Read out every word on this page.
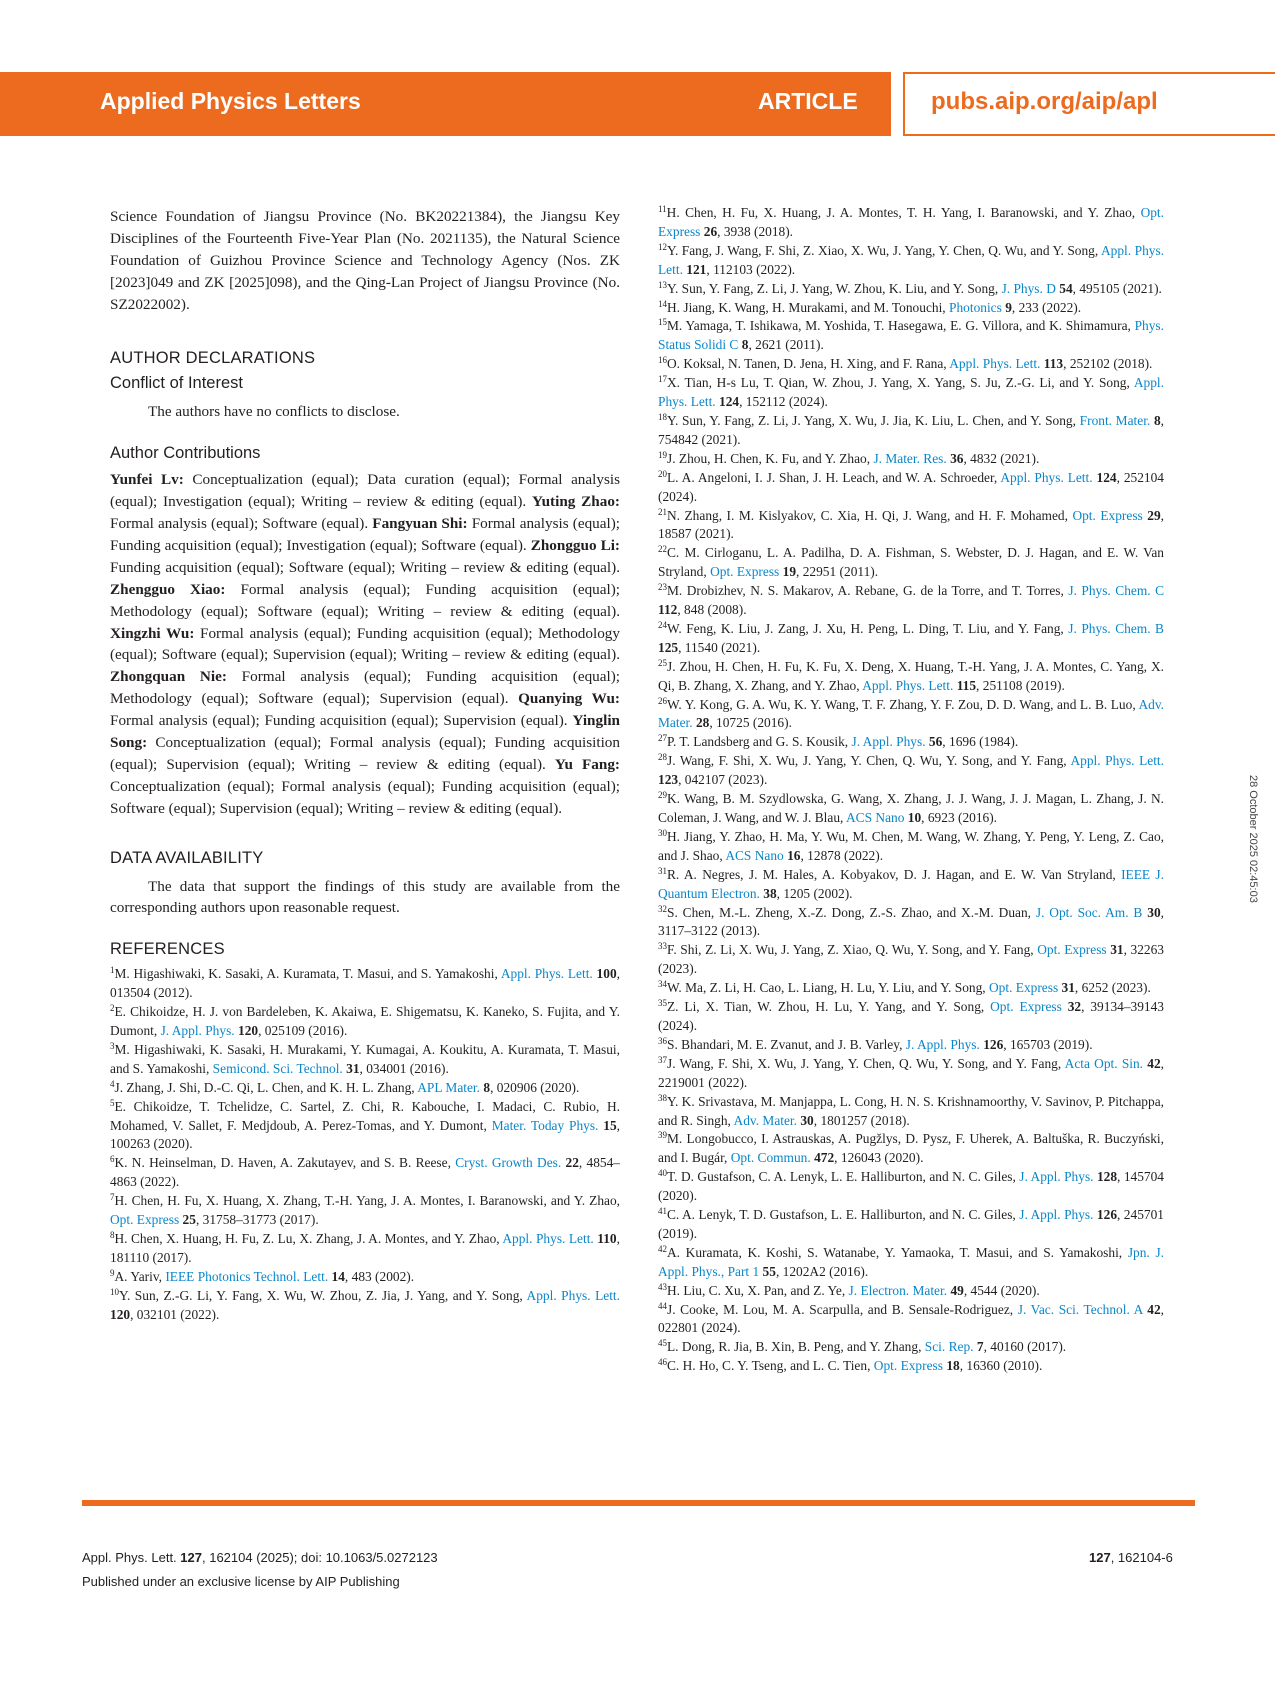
Applied Physics Letters	ARTICLE	pubs.aip.org/aip/apl

Science Foundation of Jiangsu Province (No. BK20221384), the Jiangsu Key Disciplines of the Fourteenth Five-Year Plan (No. 2021135), the Natural Science Foundation of Guizhou Province Science and Technology Agency (Nos. ZK [2023]049 and ZK [2025]098), and the Qing-Lan Project of Jiangsu Province (No. SZ2022002).

AUTHOR DECLARATIONS
Conflict of Interest

The authors have no conflicts to disclose.

Author Contributions

Yunfei Lv: Conceptualization (equal); Data curation (equal); Formal analysis (equal); Investigation (equal); Writing – review & editing (equal). Yuting Zhao: Formal analysis (equal); Software (equal). Fangyuan Shi: Formal analysis (equal); Funding acquisition (equal); Investigation (equal); Software (equal). Zhongguo Li: Funding acquisition (equal); Software (equal); Writing – review & editing (equal). Zhengguo Xiao: Formal analysis (equal); Funding acquisition (equal); Methodology (equal); Software (equal); Writing – review & editing (equal). Xingzhi Wu: Formal analysis (equal); Funding acquisition (equal); Methodology (equal); Software (equal); Supervision (equal); Writing – review & editing (equal). Zhongquan Nie: Formal analysis (equal); Funding acquisition (equal); Methodology (equal); Software (equal); Supervision (equal). Quanying Wu: Formal analysis (equal); Funding acquisition (equal); Supervision (equal). Yinglin Song: Conceptualization (equal); Formal analysis (equal); Funding acquisition (equal); Supervision (equal); Writing – review & editing (equal). Yu Fang: Conceptualization (equal); Formal analysis (equal); Funding acquisition (equal); Software (equal); Supervision (equal); Writing – review & editing (equal).

DATA AVAILABILITY

The data that support the findings of this study are available from the corresponding authors upon reasonable request.

REFERENCES

$^1$M. Higashiwaki, K. Sasaki, A. Kuramata, T. Masui, and S. Yamakoshi, Appl. Phys. Lett. 100, 013504 (2012).

$^2$E. Chikoidze, H. J. von Bardeleben, K. Akaiwa, E. Shigematsu, K. Kaneko, S. Fujita, and Y. Dumont, J. Appl. Phys. 120, 025109 (2016).

$^3$M. Higashiwaki, K. Sasaki, H. Murakami, Y. Kumagai, A. Koukitu, A. Kuramata, T. Masui, and S. Yamakoshi, Semicond. Sci. Technol. 31, 034001 (2016).

$^4$J. Zhang, J. Shi, D.-C. Qi, L. Chen, and K. H. L. Zhang, APL Mater. 8, 020906 (2020).

$^5$E. Chikoidze, T. Tchelidze, C. Sartel, Z. Chi, R. Kabouche, I. Madaci, C. Rubio, H. Mohamed, V. Sallet, F. Medjdoub, A. Perez-Tomas, and Y. Dumont, Mater. Today Phys. 15, 100263 (2020).

$^6$K. N. Heinselman, D. Haven, A. Zakutayev, and S. B. Reese, Cryst. Growth Des. 22, 4854–4863 (2022).

$^7$H. Chen, H. Fu, X. Huang, X. Zhang, T.-H. Yang, J. A. Montes, I. Baranowski, and Y. Zhao, Opt. Express 25, 31758–31773 (2017).

$^8$H. Chen, X. Huang, H. Fu, Z. Lu, X. Zhang, J. A. Montes, and Y. Zhao, Appl. Phys. Lett. 110, 181110 (2017).

$^9$A. Yariv, IEEE Photonics Technol. Lett. 14, 483 (2002).

$^{10}$Y. Sun, Z.-G. Li, Y. Fang, X. Wu, W. Zhou, Z. Jia, J. Yang, and Y. Song, Appl. Phys. Lett. 120, 032101 (2022).

$^{11}$H. Chen, H. Fu, X. Huang, J. A. Montes, T. H. Yang, I. Baranowski, and Y. Zhao, Opt. Express 26, 3938 (2018).

$^{12}$Y. Fang, J. Wang, F. Shi, Z. Xiao, X. Wu, J. Yang, Y. Chen, Q. Wu, and Y. Song, Appl. Phys. Lett. 121, 112103 (2022).

$^{13}$Y. Sun, Y. Fang, Z. Li, J. Yang, W. Zhou, K. Liu, and Y. Song, J. Phys. D 54, 495105 (2021).

$^{14}$H. Jiang, K. Wang, H. Murakami, and M. Tonouchi, Photonics 9, 233 (2022).

$^{15}$M. Yamaga, T. Ishikawa, M. Yoshida, T. Hasegawa, E. G. Villora, and K. Shimamura, Phys. Status Solidi C 8, 2621 (2011).

$^{16}$O. Koksal, N. Tanen, D. Jena, H. Xing, and F. Rana, Appl. Phys. Lett. 113, 252102 (2018).

$^{17}$X. Tian, H-s Lu, T. Qian, W. Zhou, J. Yang, X. Yang, S. Ju, Z.-G. Li, and Y. Song, Appl. Phys. Lett. 124, 152112 (2024).

$^{18}$Y. Sun, Y. Fang, Z. Li, J. Yang, X. Wu, J. Jia, K. Liu, L. Chen, and Y. Song, Front. Mater. 8, 754842 (2021).

$^{19}$J. Zhou, H. Chen, K. Fu, and Y. Zhao, J. Mater. Res. 36, 4832 (2021).

$^{20}$L. A. Angeloni, I. J. Shan, J. H. Leach, and W. A. Schroeder, Appl. Phys. Lett. 124, 252104 (2024).

$^{21}$N. Zhang, I. M. Kislyakov, C. Xia, H. Qi, J. Wang, and H. F. Mohamed, Opt. Express 29, 18587 (2021).

$^{22}$C. M. Cirloganu, L. A. Padilha, D. A. Fishman, S. Webster, D. J. Hagan, and E. W. Van Stryland, Opt. Express 19, 22951 (2011).

$^{23}$M. Drobizhev, N. S. Makarov, A. Rebane, G. de la Torre, and T. Torres, J. Phys. Chem. C 112, 848 (2008).

$^{24}$W. Feng, K. Liu, J. Zang, J. Xu, H. Peng, L. Ding, T. Liu, and Y. Fang, J. Phys. Chem. B 125, 11540 (2021).

$^{25}$J. Zhou, H. Chen, H. Fu, K. Fu, X. Deng, X. Huang, T.-H. Yang, J. A. Montes, C. Yang, X. Qi, B. Zhang, X. Zhang, and Y. Zhao, Appl. Phys. Lett. 115, 251108 (2019).

$^{26}$W. Y. Kong, G. A. Wu, K. Y. Wang, T. F. Zhang, Y. F. Zou, D. D. Wang, and L. B. Luo, Adv. Mater. 28, 10725 (2016).

$^{27}$P. T. Landsberg and G. S. Kousik, J. Appl. Phys. 56, 1696 (1984).

$^{28}$J. Wang, F. Shi, X. Wu, J. Yang, Y. Chen, Q. Wu, Y. Song, and Y. Fang, Appl. Phys. Lett. 123, 042107 (2023).

$^{29}$K. Wang, B. M. Szydlowska, G. Wang, X. Zhang, J. J. Wang, J. J. Magan, L. Zhang, J. N. Coleman, J. Wang, and W. J. Blau, ACS Nano 10, 6923 (2016).

$^{30}$H. Jiang, Y. Zhao, H. Ma, Y. Wu, M. Chen, M. Wang, W. Zhang, Y. Peng, Y. Leng, Z. Cao, and J. Shao, ACS Nano 16, 12878 (2022).

$^{31}$R. A. Negres, J. M. Hales, A. Kobyakov, D. J. Hagan, and E. W. Van Stryland, IEEE J. Quantum Electron. 38, 1205 (2002).

$^{32}$S. Chen, M.-L. Zheng, X.-Z. Dong, Z.-S. Zhao, and X.-M. Duan, J. Opt. Soc. Am. B 30, 3117–3122 (2013).

$^{33}$F. Shi, Z. Li, X. Wu, J. Yang, Z. Xiao, Q. Wu, Y. Song, and Y. Fang, Opt. Express 31, 32263 (2023).

$^{34}$W. Ma, Z. Li, H. Cao, L. Liang, H. Lu, Y. Liu, and Y. Song, Opt. Express 31, 6252 (2023).

$^{35}$Z. Li, X. Tian, W. Zhou, H. Lu, Y. Yang, and Y. Song, Opt. Express 32, 39134–39143 (2024).

$^{36}$S. Bhandari, M. E. Zvanut, and J. B. Varley, J. Appl. Phys. 126, 165703 (2019).

$^{37}$J. Wang, F. Shi, X. Wu, J. Yang, Y. Chen, Q. Wu, Y. Song, and Y. Fang, Acta Opt. Sin. 42, 2219001 (2022).

$^{38}$Y. K. Srivastava, M. Manjappa, L. Cong, H. N. S. Krishnamoorthy, V. Savinov, P. Pitchappa, and R. Singh, Adv. Mater. 30, 1801257 (2018).

$^{39}$M. Longobucco, I. Astrauskas, A. Pugžlys, D. Pysz, F. Uherek, A. Baltuška, R. Buczyński, and I. Bugár, Opt. Commun. 472, 126043 (2020).

$^{40}$T. D. Gustafson, C. A. Lenyk, L. E. Halliburton, and N. C. Giles, J. Appl. Phys. 128, 145704 (2020).

$^{41}$C. A. Lenyk, T. D. Gustafson, L. E. Halliburton, and N. C. Giles, J. Appl. Phys. 126, 245701 (2019).

$^{42}$A. Kuramata, K. Koshi, S. Watanabe, Y. Yamaoka, T. Masui, and S. Yamakoshi, Jpn. J. Appl. Phys., Part 1 55, 1202A2 (2016).

$^{43}$H. Liu, C. Xu, X. Pan, and Z. Ye, J. Electron. Mater. 49, 4544 (2020).

$^{44}$J. Cooke, M. Lou, M. A. Scarpulla, and B. Sensale-Rodriguez, J. Vac. Sci. Technol. A 42, 022801 (2024).

$^{45}$L. Dong, R. Jia, B. Xin, B. Peng, and Y. Zhang, Sci. Rep. 7, 40160 (2017).

$^{46}$C. H. Ho, C. Y. Tseng, and L. C. Tien, Opt. Express 18, 16360 (2010).

28 October 2025 02:45:03
Appl. Phys. Lett. 127, 162104 (2025); doi: 10.1063/5.0272123
Published under an exclusive license by AIP Publishing
127, 162104-6
